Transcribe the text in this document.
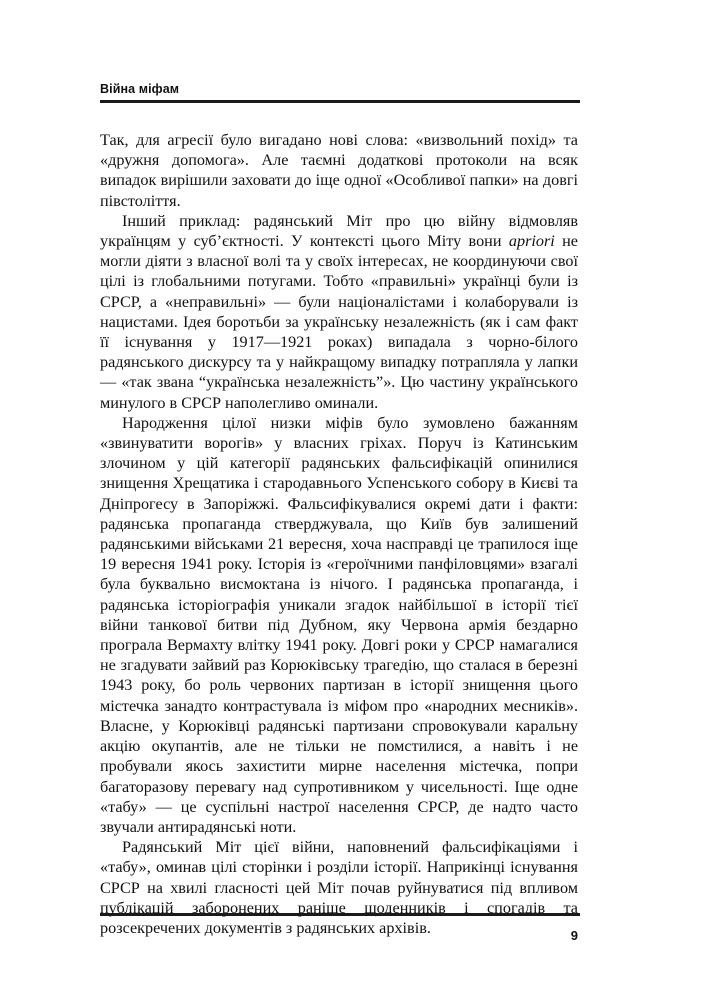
Війна міфам

Так, для агресії було вигадано нові слова: «визвольний похід» та «дружня допомога». Але таємні додаткові протоколи на всяк випадок вирішили заховати до іще одної «Особливої папки» на довгі півстоліття.

Інший приклад: радянський Міт про цю війну відмовляв українцям у суб’єктності. У контексті цього Міту вони apriori не могли діяти з власної волі та у своїх інтересах, не координуючи свої цілі із глобальними потугами. Тобто «правильні» українці були із СРСР, а «неправильні» — були націоналістами і колаборували із нацистами. Ідея боротьби за українську незалежність (як і сам факт її існування у 1917—1921 роках) випадала з чорно-білого радянського дискурсу та у найкращому випадку потрапляла у лапки — «так звана “українська незалежність”». Цю частину українського минулого в СРСР наполегливо оминали.

Народження цілої низки міфів було зумовлено бажанням «звинуватити ворогів» у власних гріхах. Поруч із Катинським злочином у цій категорії радянських фальсифікацій опинилися знищення Хрещатика і стародавнього Успенського собору в Києві та Дніпрогесу в Запоріжжі. Фальсифікувалися окремі дати і факти: радянська пропаганда стверджувала, що Київ був залишений радянськими військами 21 вересня, хоча насправді це трапилося іще 19 вересня 1941 року. Історія із «героїчними панфіловцями» взагалі була буквально висмоктана із нічого. І радянська пропаганда, і радянська історіографія уникали згадок найбільшої в історії тієї війни танкової битви під Дубном, яку Червона армія бездарно програла Вермахту влітку 1941 року. Довгі роки у СРСР намагалися не згадувати зайвий раз Корюківську трагедію, що сталася в березні 1943 року, бо роль червоних партизан в історії знищення цього містечка занадто контрастувала із міфом про «народних месників». Власне, у Корюківці радянські партизани спровокували каральну акцію окупантів, але не тільки не помстилися, а навіть і не пробували якось захистити мирне населення містечка, попри багаторазову перевагу над супротивником у чисельності. Іще одне «табу» — це суспільні настрої населення СРСР, де надто часто звучали антирадянські ноти.

Радянський Міт цієї війни, наповнений фальсифікаціями і «табу», оминав цілі сторінки і розділи історії. Наприкінці існування СРСР на хвилі гласності цей Міт почав руйнуватися під впливом публікацій заборонених раніше щоденників і спогадів та розсекречених документів з радянських архівів.	9
